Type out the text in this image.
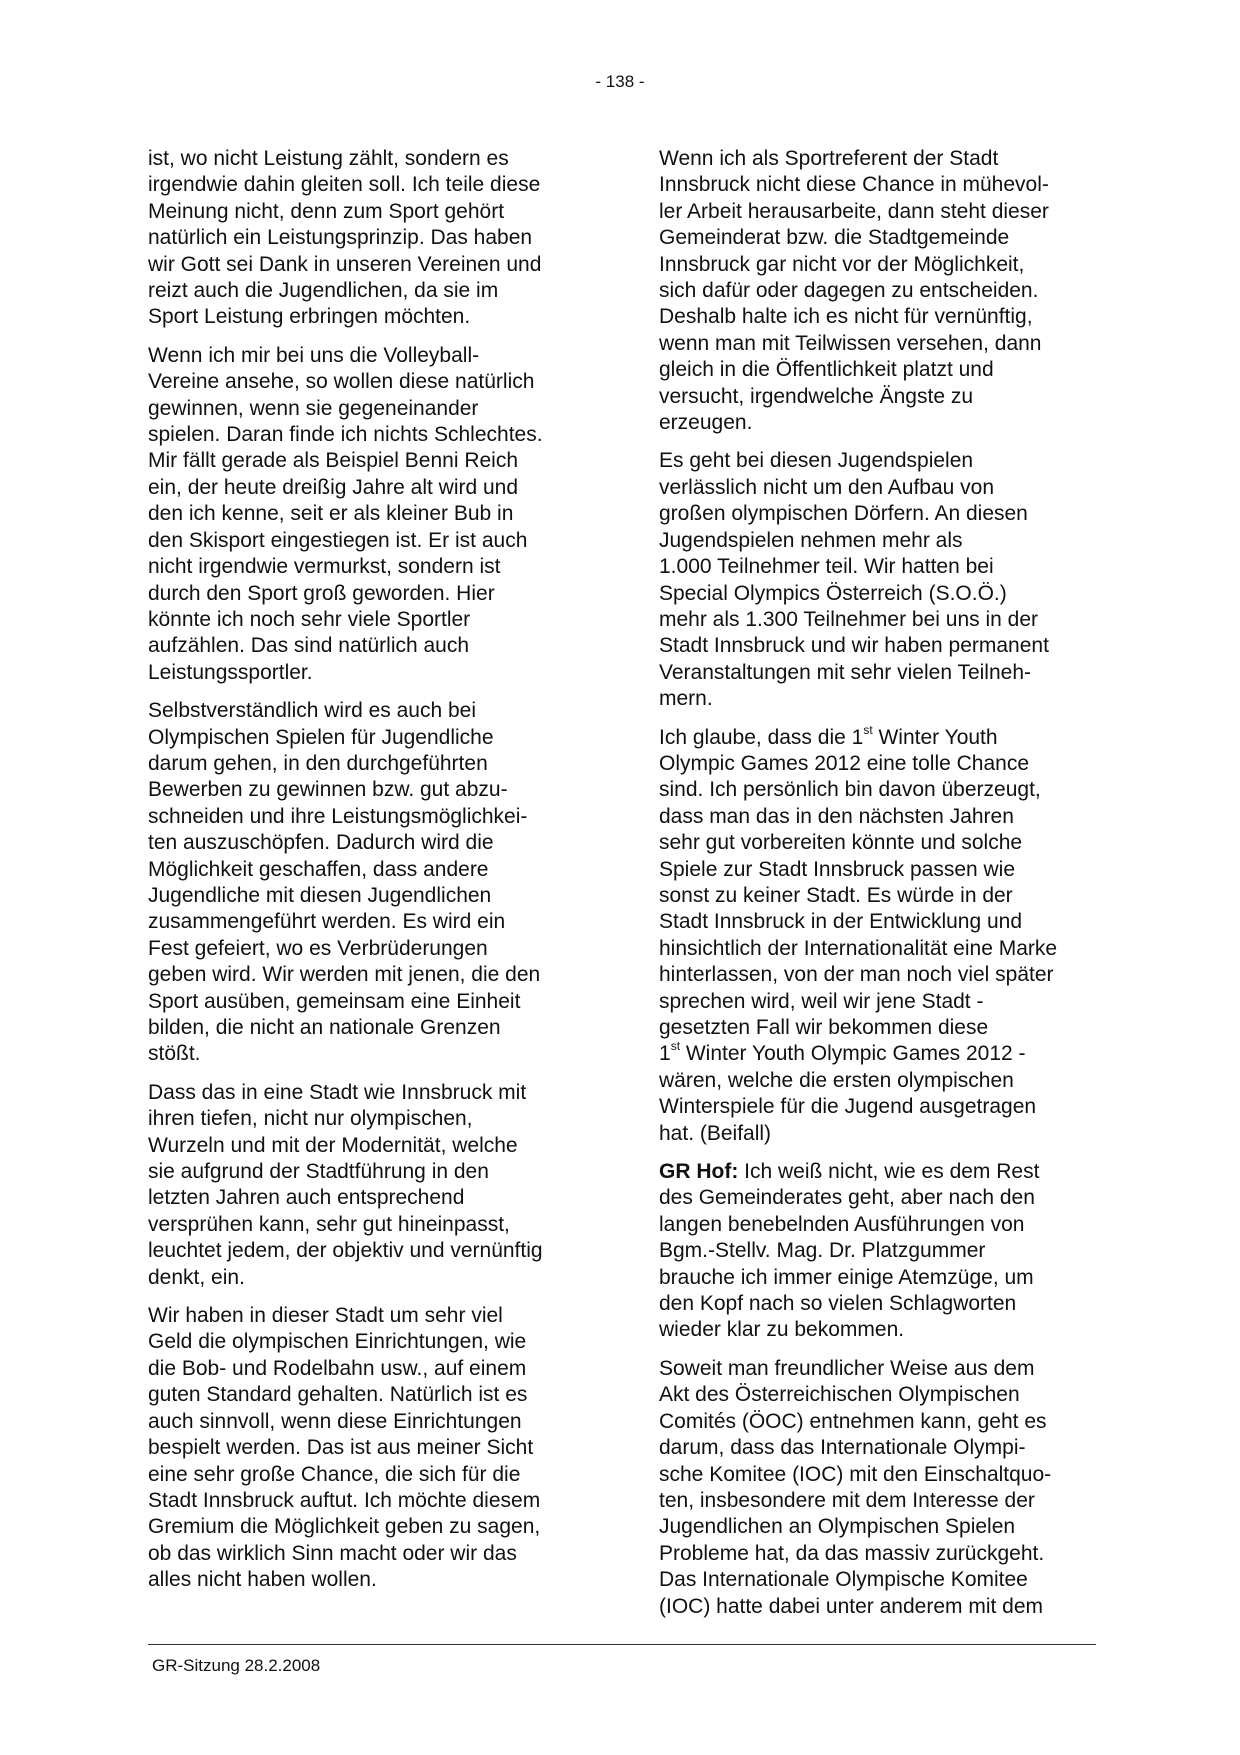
- 138 -

ist, wo nicht Leistung zählt, sondern es
irgendwie dahin gleiten soll. Ich teile diese
Meinung nicht, denn zum Sport gehört
natürlich ein Leistungsprinzip. Das haben
wir Gott sei Dank in unseren Vereinen und
reizt auch die Jugendlichen, da sie im
Sport Leistung erbringen möchten.

Wenn ich mir bei uns die Volleyball-
Vereine ansehe, so wollen diese natürlich
gewinnen, wenn sie gegeneinander
spielen. Daran finde ich nichts Schlechtes.
Mir fällt gerade als Beispiel Benni Reich
ein, der heute dreißig Jahre alt wird und
den ich kenne, seit er als kleiner Bub in
den Skisport eingestiegen ist. Er ist auch
nicht irgendwie vermurkst, sondern ist
durch den Sport groß geworden. Hier
könnte ich noch sehr viele Sportler
aufzählen. Das sind natürlich auch
Leistungssportler.

Selbstverständlich wird es auch bei
Olympischen Spielen für Jugendliche
darum gehen, in den durchgeführten
Bewerben zu gewinnen bzw. gut abzu-
schneiden und ihre Leistungsmöglichkei-
ten auszuschöpfen. Dadurch wird die
Möglichkeit geschaffen, dass andere
Jugendliche mit diesen Jugendlichen
zusammengeführt werden. Es wird ein
Fest gefeiert, wo es Verbrüderungen
geben wird. Wir werden mit jenen, die den
Sport ausüben, gemeinsam eine Einheit
bilden, die nicht an nationale Grenzen
stößt.

Dass das in eine Stadt wie Innsbruck mit
ihren tiefen, nicht nur olympischen,
Wurzeln und mit der Modernität, welche
sie aufgrund der Stadtführung in den
letzten Jahren auch entsprechend
versprühen kann, sehr gut hineinpasst,
leuchtet jedem, der objektiv und vernünftig
denkt, ein.

Wir haben in dieser Stadt um sehr viel
Geld die olympischen Einrichtungen, wie
die Bob- und Rodelbahn usw., auf einem
guten Standard gehalten. Natürlich ist es
auch sinnvoll, wenn diese Einrichtungen
bespielt werden. Das ist aus meiner Sicht
eine sehr große Chance, die sich für die
Stadt Innsbruck auftut. Ich möchte diesem
Gremium die Möglichkeit geben zu sagen,
ob das wirklich Sinn macht oder wir das
alles nicht haben wollen.

Wenn ich als Sportreferent der Stadt
Innsbruck nicht diese Chance in mühevol-
ler Arbeit herausarbeite, dann steht dieser
Gemeinderat bzw. die Stadtgemeinde
Innsbruck gar nicht vor der Möglichkeit,
sich dafür oder dagegen zu entscheiden.
Deshalb halte ich es nicht für vernünftig,
wenn man mit Teilwissen versehen, dann
gleich in die Öffentlichkeit platzt und
versucht, irgendwelche Ängste zu
erzeugen.

Es geht bei diesen Jugendspielen
verlässlich nicht um den Aufbau von
großen olympischen Dörfern. An diesen
Jugendspielen nehmen mehr als
1.000 Teilnehmer teil. Wir hatten bei
Special Olympics Österreich (S.O.Ö.)
mehr als 1.300 Teilnehmer bei uns in der
Stadt Innsbruck und wir haben permanent
Veranstaltungen mit sehr vielen Teilneh-
mern.

Ich glaube, dass die 1st Winter Youth
Olympic Games 2012 eine tolle Chance
sind. Ich persönlich bin davon überzeugt,
dass man das in den nächsten Jahren
sehr gut vorbereiten könnte und solche
Spiele zur Stadt Innsbruck passen wie
sonst zu keiner Stadt. Es würde in der
Stadt Innsbruck in der Entwicklung und
hinsichtlich der Internationalität eine Marke
hinterlassen, von der man noch viel später
sprechen wird, weil wir jene Stadt -
gesetzten Fall wir bekommen diese
1st Winter Youth Olympic Games 2012 -
wären, welche die ersten olympischen
Winterspiele für die Jugend ausgetragen
hat. (Beifall)

GR Hof: Ich weiß nicht, wie es dem Rest
des Gemeinderates geht, aber nach den
langen benebelnden Ausführungen von
Bgm.-Stellv. Mag. Dr. Platzgummer
brauche ich immer einige Atemzüge, um
den Kopf nach so vielen Schlagworten
wieder klar zu bekommen.

Soweit man freundlicher Weise aus dem
Akt des Österreichischen Olympischen
Comités (ÖOC) entnehmen kann, geht es
darum, dass das Internationale Olympi-
sche Komitee (IOC) mit den Einschaltquo-
ten, insbesondere mit dem Interesse der
Jugendlichen an Olympischen Spielen
Probleme hat, da das massiv zurückgeht.
Das Internationale Olympische Komitee
(IOC) hatte dabei unter anderem mit dem

GR-Sitzung 28.2.2008
